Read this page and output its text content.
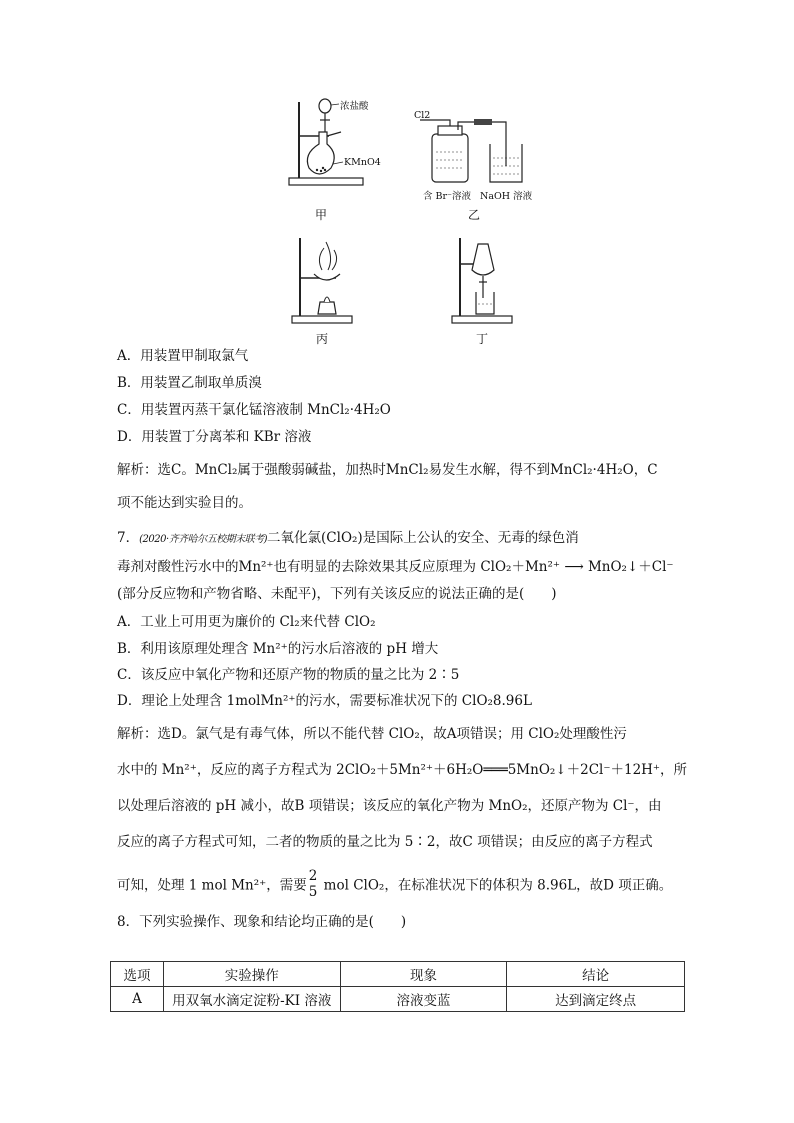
浓盐酸
KMnO4
甲
Cl2
含 Br⁻溶液 NaOH 溶液
乙
丙	丁
A．用装置甲制取氯气
B．用装置乙制取单质溴
C．用装置丙蒸干氯化锰溶液制 MnCl₂·4H₂O
D．用装置丁分离苯和 KBr 溶液
解析：选C。MnCl₂属于强酸弱碱盐，加热时MnCl₂易发生水解，得不到MnCl₂·4H₂O，C
项不能达到实验目的。
7．(2020·齐齐哈尔五校期末联考)二氧化氯(ClO₂)是国际上公认的安全、无毒的绿色消
毒剂对酸性污水中的Mn²⁺也有明显的去除效果其反应原理为 ClO₂＋Mn²⁺ ⟶ MnO₂↓＋Cl⁻
(部分反应物和产物省略、未配平)，下列有关该反应的说法正确的是(　　)
A．工业上可用更为廉价的 Cl₂来代替 ClO₂
B．利用该原理处理含 Mn²⁺的污水后溶液的 pH 增大
C．该反应中氧化产物和还原产物的物质的量之比为 2∶5
D．理论上处理含 1molMn²⁺的污水，需要标准状况下的 ClO₂8.96L
解析：选D。氯气是有毒气体，所以不能代替 ClO₂，故A项错误；用 ClO₂处理酸性污
水中的 Mn²⁺，反应的离子方程式为 2ClO₂＋5Mn²⁺＋6H₂O═══5MnO₂↓＋2Cl⁻＋12H⁺，所
以处理后溶液的 pH 减小，故B 项错误；该反应的氧化产物为 MnO₂，还原产物为 Cl⁻，由
反应的离子方程式可知，二者的物质的量之比为 5∶2，故C 项错误；由反应的离子方程式
可知，处理 1 mol Mn²⁺，需要
2
5 mol ClO₂，在标准状况下的体积为 8.96L，故D 项正确。
8．下列实验操作、现象和结论均正确的是(　　)
选项	实验操作	现象	结论
A	用双氧水滴定淀粉-KI 溶液	溶液变蓝	达到滴定终点
